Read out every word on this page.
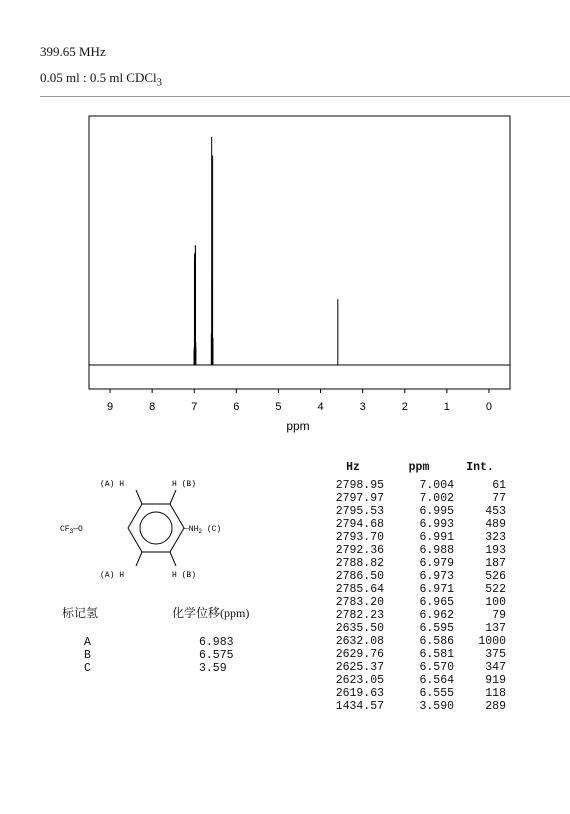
399.65 MHz
0.05 ml : 0.5 ml CDCl$_3$
9	8	7	6	5	4	3	2	1	0
ppm
Hz	ppm	Int.
2798.95	7.004	61
2797.97	7.002	77
2795.53	6.995	453
2794.68	6.993	489
2793.70	6.991	323
2792.36	6.988	193
2788.82	6.979	187
2786.50	6.973	526
2785.64	6.971	522
2783.20	6.965	100
2782.23	6.962	79
2635.50	6.595	137
2632.08	6.586	1000
2629.76	6.581	375
2625.37	6.570	347
2623.05	6.564	919
2619.63	6.555	118
1434.57	3.590	289
(A) H	H (B)
(A) H	H (B)
$CF_3—O$	$—NH_2$ (C)
标记氢	化学位移(ppm)
A	6.983
B	6.575
C	3.59
